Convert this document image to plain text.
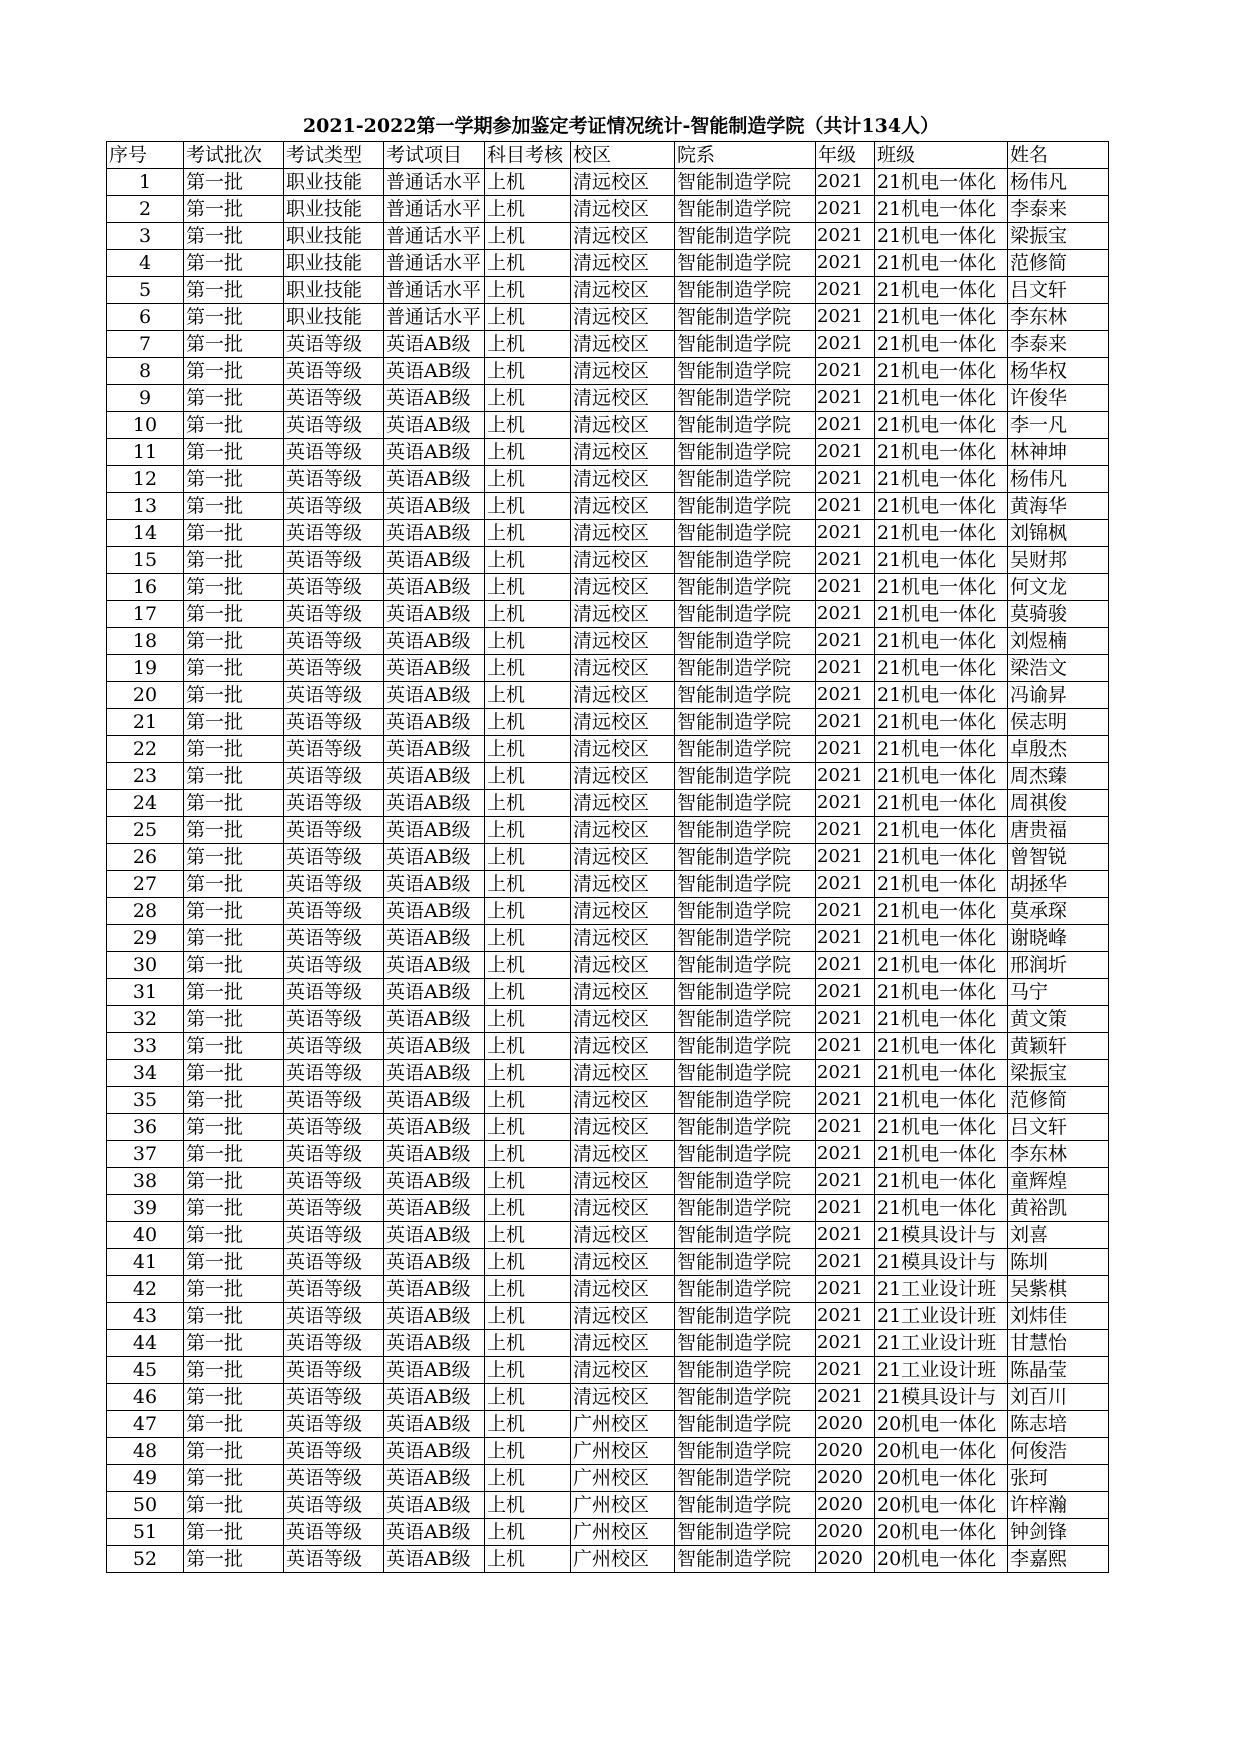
2021-2022第一学期参加鉴定考证情况统计-智能制造学院（共计134人）
序号	考试批次	考试类型	考试项目	科目考核	校区	院系	年级	班级	姓名
1	第一批	职业技能	普通话水平	上机	清远校区	智能制造学院	2021	21机电一体化	杨伟凡
2	第一批	职业技能	普通话水平	上机	清远校区	智能制造学院	2021	21机电一体化	李泰来
3	第一批	职业技能	普通话水平	上机	清远校区	智能制造学院	2021	21机电一体化	梁振宝
4	第一批	职业技能	普通话水平	上机	清远校区	智能制造学院	2021	21机电一体化	范修简
5	第一批	职业技能	普通话水平	上机	清远校区	智能制造学院	2021	21机电一体化	吕文轩
6	第一批	职业技能	普通话水平	上机	清远校区	智能制造学院	2021	21机电一体化	李东林
7	第一批	英语等级	英语AB级	上机	清远校区	智能制造学院	2021	21机电一体化	李泰来
8	第一批	英语等级	英语AB级	上机	清远校区	智能制造学院	2021	21机电一体化	杨华权
9	第一批	英语等级	英语AB级	上机	清远校区	智能制造学院	2021	21机电一体化	许俊华
10	第一批	英语等级	英语AB级	上机	清远校区	智能制造学院	2021	21机电一体化	李一凡
11	第一批	英语等级	英语AB级	上机	清远校区	智能制造学院	2021	21机电一体化	林神坤
12	第一批	英语等级	英语AB级	上机	清远校区	智能制造学院	2021	21机电一体化	杨伟凡
13	第一批	英语等级	英语AB级	上机	清远校区	智能制造学院	2021	21机电一体化	黄海华
14	第一批	英语等级	英语AB级	上机	清远校区	智能制造学院	2021	21机电一体化	刘锦枫
15	第一批	英语等级	英语AB级	上机	清远校区	智能制造学院	2021	21机电一体化	吴财邦
16	第一批	英语等级	英语AB级	上机	清远校区	智能制造学院	2021	21机电一体化	何文龙
17	第一批	英语等级	英语AB级	上机	清远校区	智能制造学院	2021	21机电一体化	莫骑骏
18	第一批	英语等级	英语AB级	上机	清远校区	智能制造学院	2021	21机电一体化	刘煜楠
19	第一批	英语等级	英语AB级	上机	清远校区	智能制造学院	2021	21机电一体化	梁浩文
20	第一批	英语等级	英语AB级	上机	清远校区	智能制造学院	2021	21机电一体化	冯谕昇
21	第一批	英语等级	英语AB级	上机	清远校区	智能制造学院	2021	21机电一体化	侯志明
22	第一批	英语等级	英语AB级	上机	清远校区	智能制造学院	2021	21机电一体化	卓殷杰
23	第一批	英语等级	英语AB级	上机	清远校区	智能制造学院	2021	21机电一体化	周杰臻
24	第一批	英语等级	英语AB级	上机	清远校区	智能制造学院	2021	21机电一体化	周祺俊
25	第一批	英语等级	英语AB级	上机	清远校区	智能制造学院	2021	21机电一体化	唐贵福
26	第一批	英语等级	英语AB级	上机	清远校区	智能制造学院	2021	21机电一体化	曾智锐
27	第一批	英语等级	英语AB级	上机	清远校区	智能制造学院	2021	21机电一体化	胡拯华
28	第一批	英语等级	英语AB级	上机	清远校区	智能制造学院	2021	21机电一体化	莫承琛
29	第一批	英语等级	英语AB级	上机	清远校区	智能制造学院	2021	21机电一体化	谢晓峰
30	第一批	英语等级	英语AB级	上机	清远校区	智能制造学院	2021	21机电一体化	邢润圻
31	第一批	英语等级	英语AB级	上机	清远校区	智能制造学院	2021	21机电一体化	马宁
32	第一批	英语等级	英语AB级	上机	清远校区	智能制造学院	2021	21机电一体化	黄文策
33	第一批	英语等级	英语AB级	上机	清远校区	智能制造学院	2021	21机电一体化	黄颖轩
34	第一批	英语等级	英语AB级	上机	清远校区	智能制造学院	2021	21机电一体化	梁振宝
35	第一批	英语等级	英语AB级	上机	清远校区	智能制造学院	2021	21机电一体化	范修简
36	第一批	英语等级	英语AB级	上机	清远校区	智能制造学院	2021	21机电一体化	吕文轩
37	第一批	英语等级	英语AB级	上机	清远校区	智能制造学院	2021	21机电一体化	李东林
38	第一批	英语等级	英语AB级	上机	清远校区	智能制造学院	2021	21机电一体化	童辉煌
39	第一批	英语等级	英语AB级	上机	清远校区	智能制造学院	2021	21机电一体化	黄裕凯
40	第一批	英语等级	英语AB级	上机	清远校区	智能制造学院	2021	21模具设计与	刘喜
41	第一批	英语等级	英语AB级	上机	清远校区	智能制造学院	2021	21模具设计与	陈圳
42	第一批	英语等级	英语AB级	上机	清远校区	智能制造学院	2021	21工业设计班	吴紫棋
43	第一批	英语等级	英语AB级	上机	清远校区	智能制造学院	2021	21工业设计班	刘炜佳
44	第一批	英语等级	英语AB级	上机	清远校区	智能制造学院	2021	21工业设计班	甘慧怡
45	第一批	英语等级	英语AB级	上机	清远校区	智能制造学院	2021	21工业设计班	陈晶莹
46	第一批	英语等级	英语AB级	上机	清远校区	智能制造学院	2021	21模具设计与	刘百川
47	第一批	英语等级	英语AB级	上机	广州校区	智能制造学院	2020	20机电一体化	陈志培
48	第一批	英语等级	英语AB级	上机	广州校区	智能制造学院	2020	20机电一体化	何俊浩
49	第一批	英语等级	英语AB级	上机	广州校区	智能制造学院	2020	20机电一体化	张珂
50	第一批	英语等级	英语AB级	上机	广州校区	智能制造学院	2020	20机电一体化	许梓瀚
51	第一批	英语等级	英语AB级	上机	广州校区	智能制造学院	2020	20机电一体化	钟剑锋
52	第一批	英语等级	英语AB级	上机	广州校区	智能制造学院	2020	20机电一体化	李嘉熙
